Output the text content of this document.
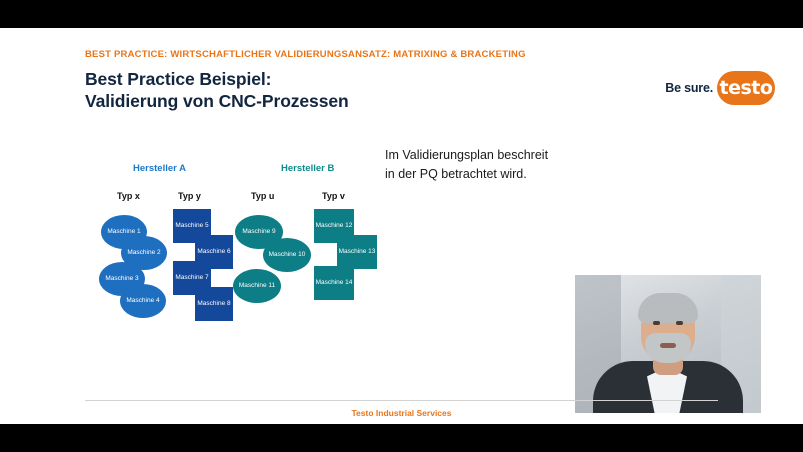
BEST PRACTICE: WIRTSCHAFTLICHER VALIDIERUNGSANSATZ: MATRIXING & BRACKETING
Best Practice Beispiel:
Validierung von CNC-Prozessen
Be sure. testo
Im Validierungsplan beschreit
in der PQ betrachtet wird.
Hersteller A
Typ x	Typ y
Maschine 1
Maschine 2
Maschine 3
Maschine 4
Maschine 5
Maschine 6
Maschine 7
Maschine 8
Hersteller B
Typ u	Typ v
Maschine 9
Maschine 10
Maschine 11
Maschine 12
Maschine 13
Maschine 14
Testo Industrial Services
